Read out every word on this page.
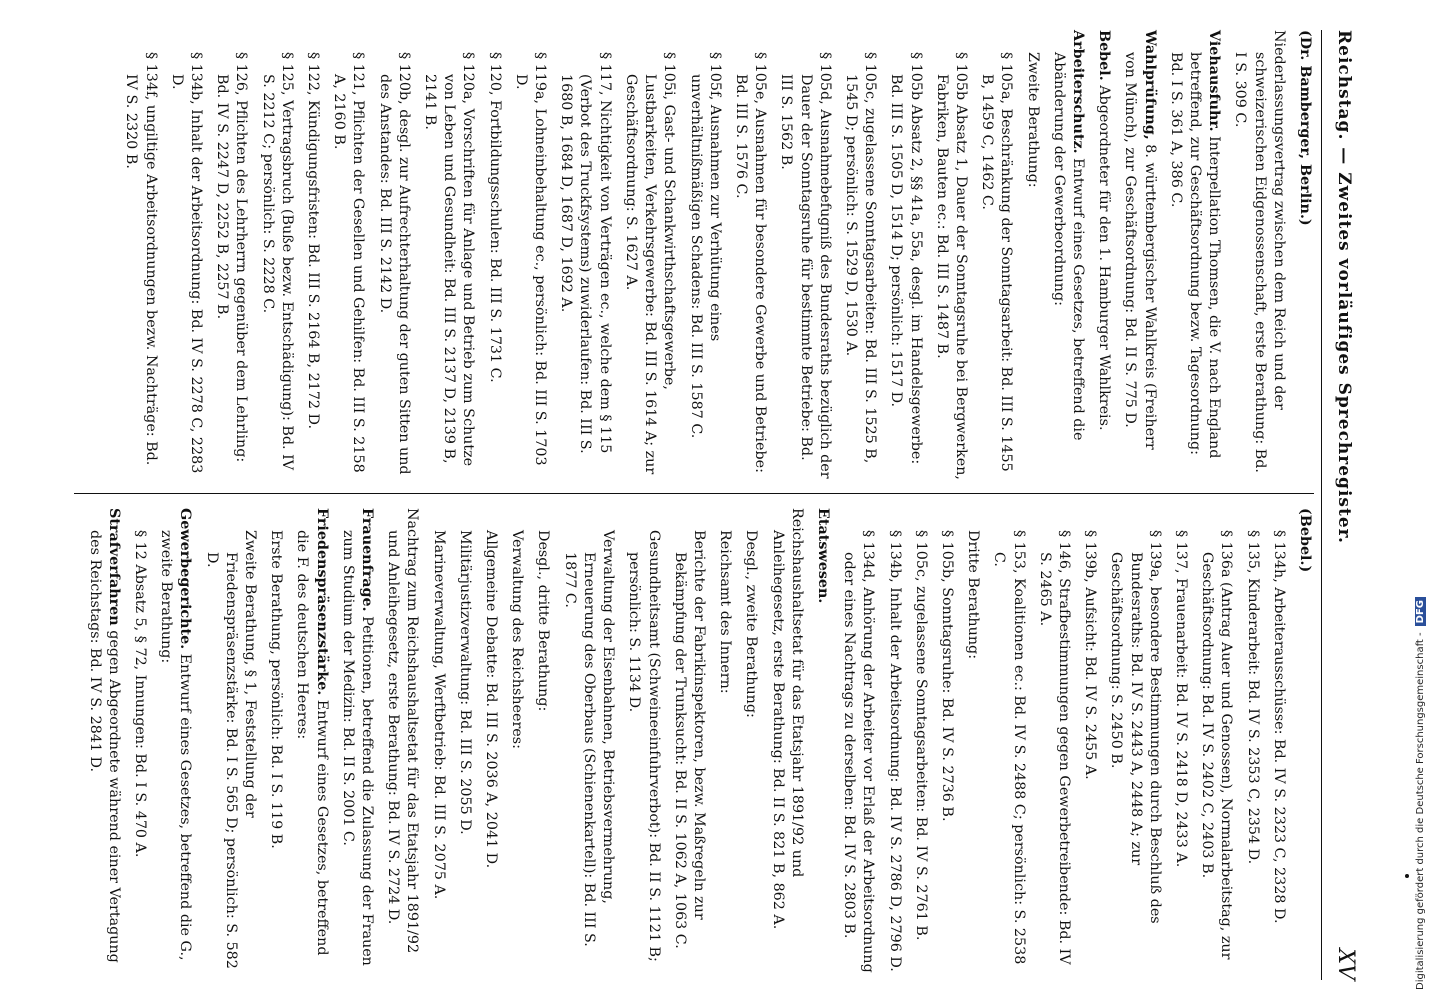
Reichstag. — Zweites vorläufiges Sprechregister.
XV

(Dr. Bamberger, Berlin.)

Niederlassungsvertrag zwischen dem Reich und der schweizerischen Eidgenossenschaft, erste Berathung: Bd. I S. 309 C.

Viehausfuhr. Interpellation Thomsen, die V. nach England betreffend, zur Geschäftsordnung bezw. Tagesordnung: Bd. I S. 361 A, 386 C.

Wahlprüfung, 8. württembergischer Wahlkreis (Freiherr von Münch), zur Geschäftsordnung: Bd. II S. 775 D.

Bebel. Abgeordneter für den 1. Hamburger Wahlkreis.

Arbeiterschutz. Entwurf eines Gesetzes, betreffend die Abänderung der Gewerbeordnung:

Zweite Berathung:

§ 105a, Beschränkung der Sonntagsarbeit: Bd. III S. 1455 B, 1459 C, 1462 C.

§ 105b Absatz 1, Dauer der Sonntagsruhe bei Bergwerken, Fabriken, Bauten ec.: Bd. III S. 1487 B.

§ 105b Absatz 2, §§ 41a, 55a, desgl. im Handelsgewerbe: Bd. III S. 1505 D, 1514 D; persönlich: 1517 D.

§ 105c, zugelassene Sonntagsarbeiten: Bd. III S. 1525 B, 1545 D; persönlich: S. 1529 D, 1530 A.

§ 105d, Ausnahmebefugniß des Bundesraths bezüglich der Dauer der Sonntagsruhe für bestimmte Betriebe: Bd. III S. 1562 B.

§ 105e, Ausnahmen für besondere Gewerbe und Betriebe: Bd. III S. 1576 C.

§ 105f, Ausnahmen zur Verhütung eines unverhältnißmäßigen Schadens: Bd. III S. 1587 C.

§ 105i, Gast- und Schankwirthschaftsgewerbe, Lustbarkeiten, Verkehrsgewerbe: Bd. III S. 1614 A; zur Geschäftsordnung: S. 1627 A.

§ 117, Nichtigkeit von Verträgen ec., welche dem § 115 (Verbot des Truckfsystems) zuwiderlaufen: Bd. III S. 1680 B, 1684 D, 1687 D, 1692 A.

§ 119a, Lohneinbehaltung ec., persönlich: Bd. III S. 1703 D.

§ 120, Fortbildungsschulen: Bd. III S. 1731 C.

§ 120a, Vorschriften für Anlage und Betrieb zum Schutze von Leben und Gesundheit: Bd. III S. 2137 D, 2139 B, 2141 B.

§ 120b, desgl. zur Aufrechterhaltung der guten Sitten und des Anstandes: Bd. III S. 2142 D.

§ 121, Pflichten der Gesellen und Gehilfen: Bd. III S. 2158 A, 2160 B.

§ 122, Kündigungsfristen: Bd. III S. 2164 B, 2172 D.

§ 125, Vertragsbruch (Buße bezw. Entschädigung): Bd. IV S. 2212 C; persönlich: S. 2228 C.

§ 126, Pflichten des Lehrherrn gegenüber dem Lehrling: Bd. IV S. 2247 D, 2252 B, 2257 B.

§ 134b, Inhalt der Arbeitsordnung: Bd. IV S. 2278 C, 2283 D.

§ 134f, ungiltige Arbeitsordnungen bezw. Nachträge: Bd. IV S. 2320 B.

(Bebel.)

§ 134h, Arbeiterausschüsse: Bd. IV S. 2323 C, 2328 D.

§ 135, Kinderarbeit: Bd. IV S. 2353 C, 2354 D.

§ 136a (Antrag Auer und Genossen), Normalarbeitstag, zur Geschäftsordnung: Bd. IV S. 2402 C, 2403 B.

§ 137, Frauenarbeit: Bd. IV S. 2418 D, 2433 A.

§ 139a, besondere Bestimmungen durch Beschluß des Bundesraths: Bd. IV S. 2443 A, 2448 A; zur Geschäftsordnung: S. 2450 B.

§ 139b, Aufsicht: Bd. IV S. 2455 A.

§ 146, Strafbestimmungen gegen Gewerbetreibende: Bd. IV S. 2465 A.

§ 153, Koalitionen ec.: Bd. IV S. 2488 C; persönlich: S. 2538 C.

Dritte Berathung:

§ 105b, Sonntagsruhe: Bd. IV S. 2736 B.

§ 105c, zugelassene Sonntagsarbeiten: Bd. IV S. 2761 B.

§ 134b, Inhalt der Arbeitsordnung: Bd. IV S. 2786 D, 2796 D.

§ 134d, Anhörung der Arbeiter vor Erlaß der Arbeitsordnung oder eines Nachtrags zu derselben: Bd. IV S. 2803 B.

Etatswesen.

Reichshaushaltsetat für das Etatsjahr 1891/92 und Anleihegesetz, erste Berathung: Bd. II S. 821 B, 862 A.

Desgl., zweite Berathung:

Reichsamt des Innern:

Berichte der Fabrikinspektoren, bezw. Maßregeln zur Bekämpfung der Trunksucht: Bd. II S. 1062 A, 1063 C.

Gesundheitsamt (Schweineeinfuhrverbot): Bd. II S. 1121 B; persönlich: S. 1134 D.

Verwaltung der Eisenbahnen, Betriebsvermehrung, Erneuerung des Oberbaus (Schienenkartell): Bd. III S. 1877 C.

Desgl., dritte Berathung:

Verwaltung des Reichsheeres:

Allgemeine Debatte: Bd. III S. 2036 A, 2041 D.

Militärjustizverwaltung: Bd. III S. 2055 D.

Marineverwaltung, Werftbetrieb: Bd. III S. 2075 A.

Nachtrag zum Reichshaushaltsetat für das Etatsjahr 1891/92 und Anleihegesetz, erste Berathung: Bd. IV S. 2724 D.

Frauenfrage. Petitionen, betreffend die Zulassung der Frauen zum Studium der Medizin: Bd. II S. 2001 C.

Friedenspräsenzstärke. Entwurf eines Gesetzes, betreffend die F. des deutschen Heeres:

Erste Berathung, persönlich: Bd. I S. 119 B.

Zweite Berathung, § 1, Feststellung der Friedenspräsenzstärke: Bd. I S. 565 D; persönlich: S. 582 D.

Gewerbegerichte. Entwurf eines Gesetzes, betreffend die G., zweite Berathung:

§ 12 Absatz 5, § 72, Innungen: Bd. I S. 470 A.

Strafverfahren gegen Abgeordnete während einer Vertagung des Reichstags: Bd. IV S. 2841 D.	Digitalisierung gefördert durch die Deutsche Forschungsgemeinschaft -DFG
